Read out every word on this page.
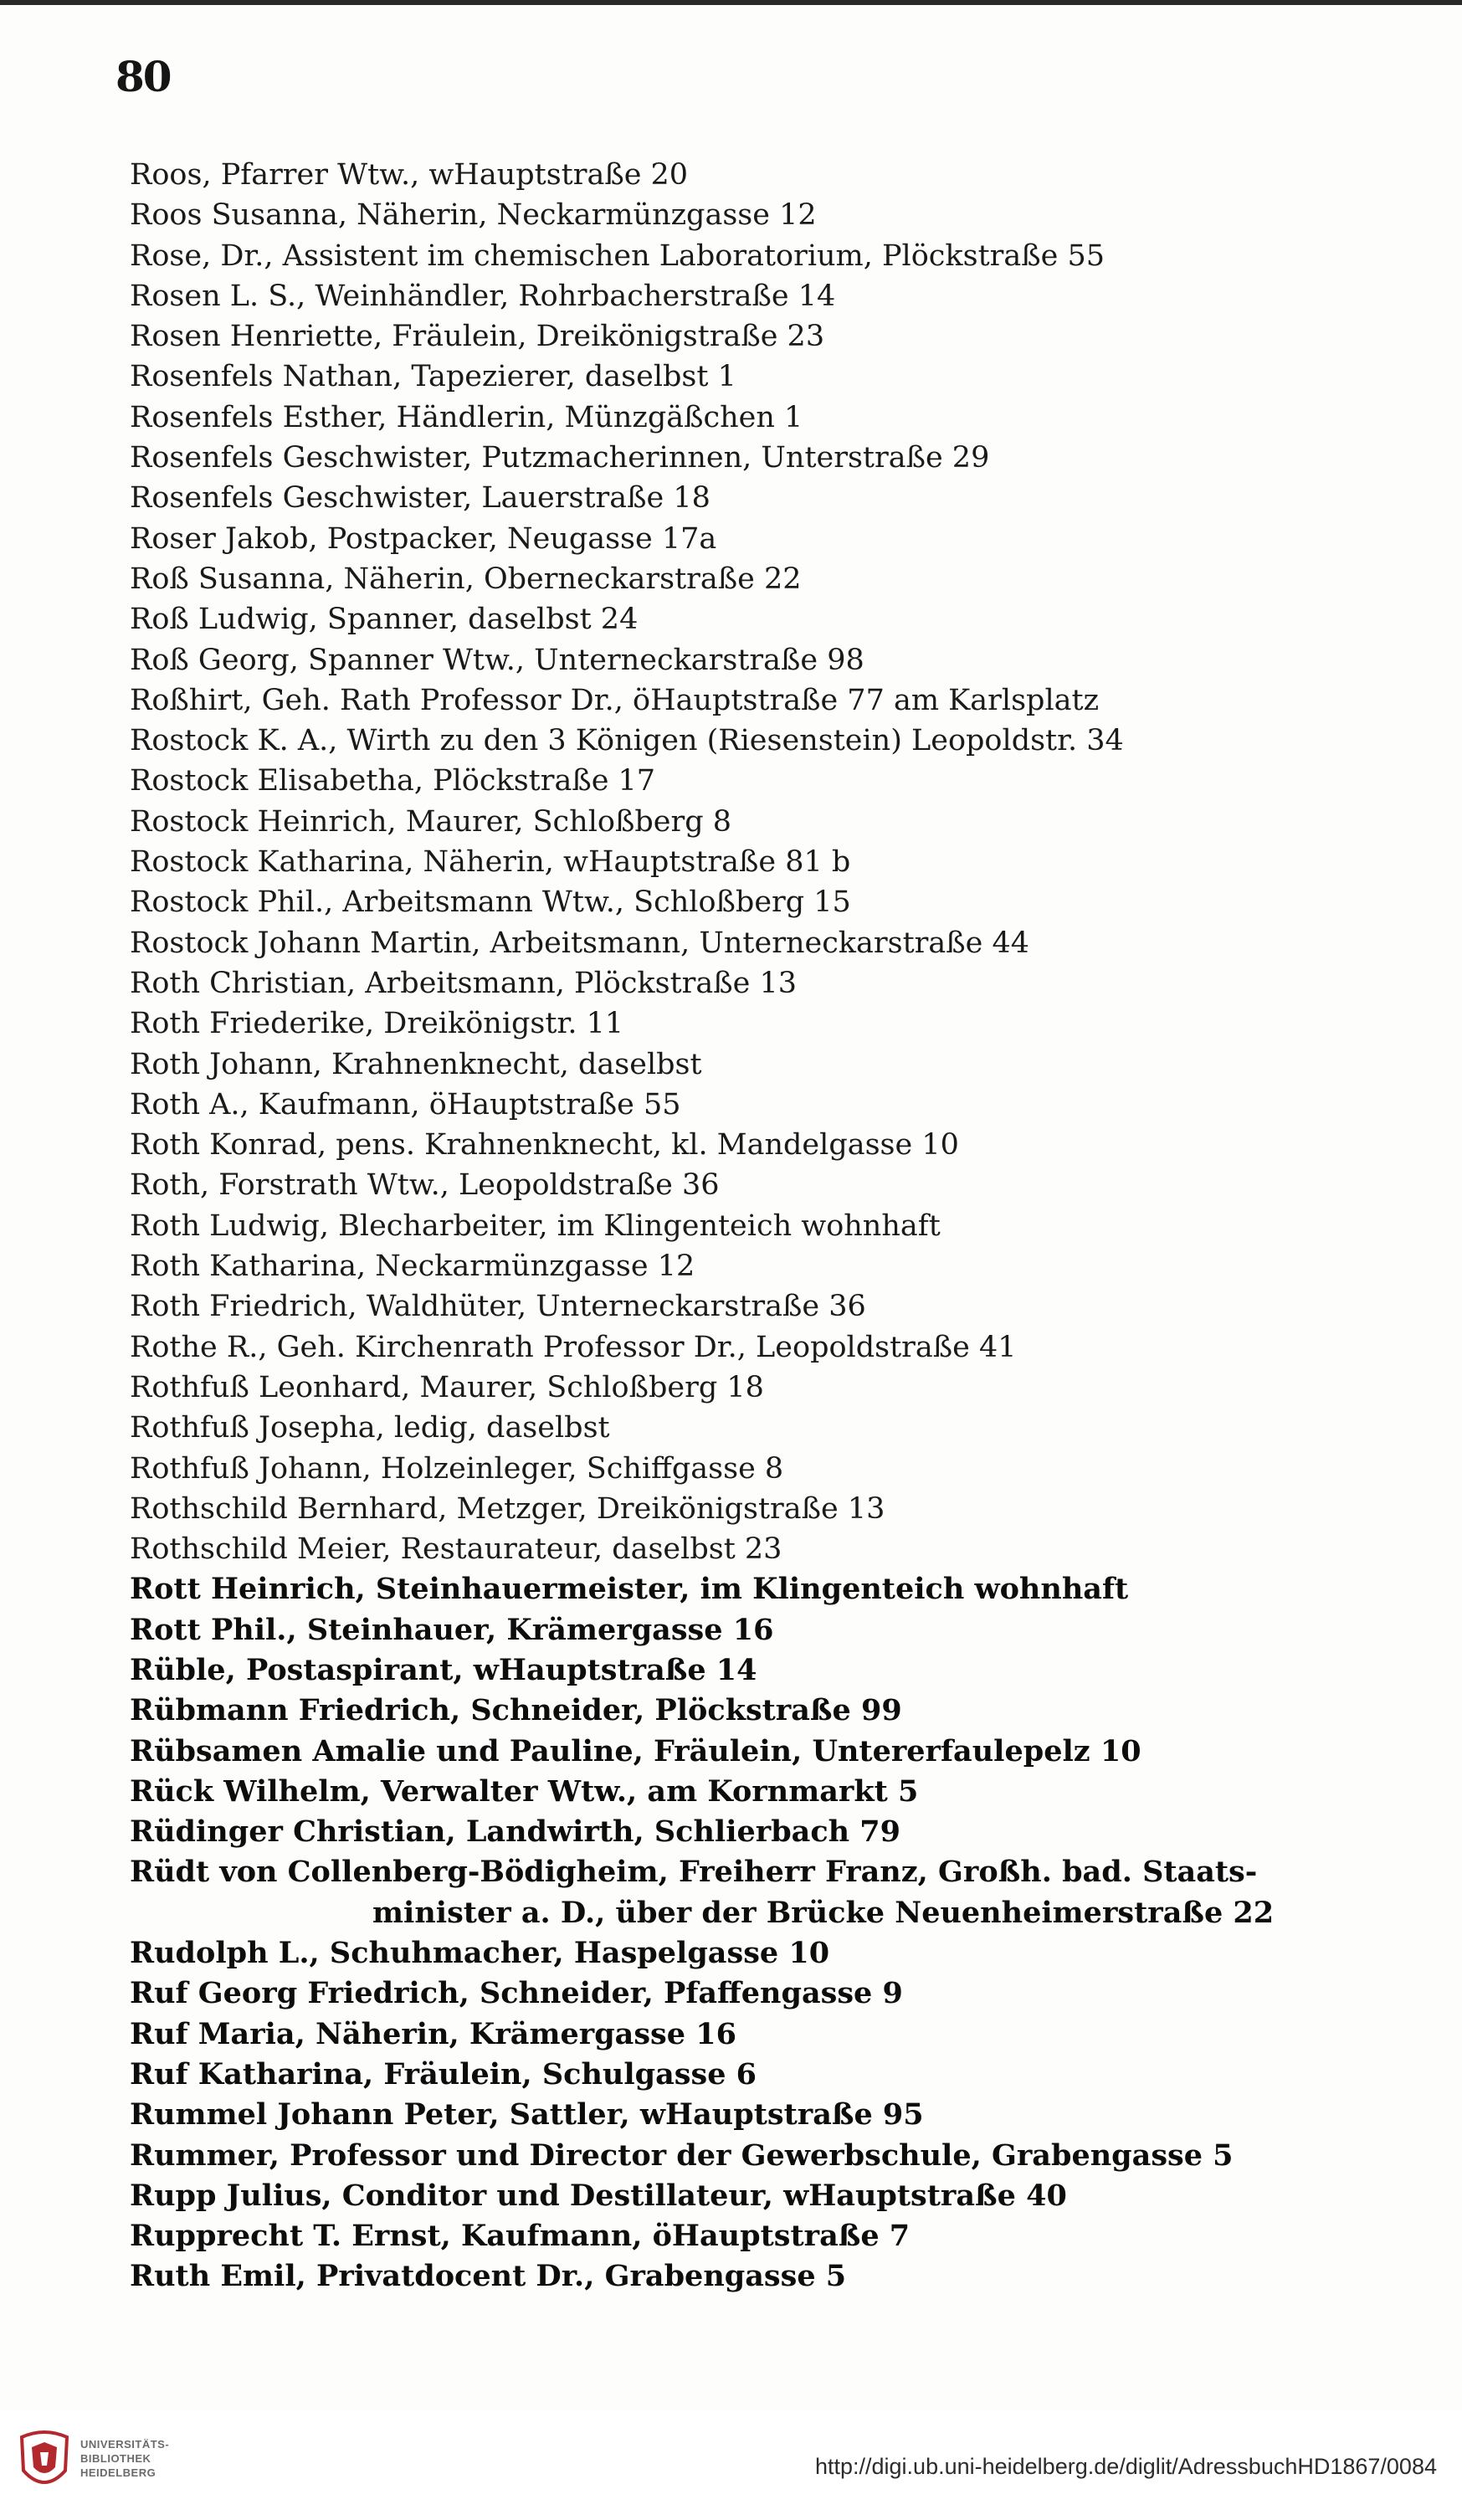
80
Roos, Pfarrer Wtw., wHauptstraße 20
Roos Susanna, Näherin, Neckarmünzgasse 12
Rose, Dr., Assistent im chemischen Laboratorium, Plöckstraße 55
Rosen L. S., Weinhändler, Rohrbacherstraße 14
Rosen Henriette, Fräulein, Dreikönigstraße 23
Rosenfels Nathan, Tapezierer, daselbst 1
Rosenfels Esther, Händlerin, Münzgäßchen 1
Rosenfels Geschwister, Putzmacherinnen, Unterstraße 29
Rosenfels Geschwister, Lauerstraße 18
Roser Jakob, Postpacker, Neugasse 17a
Roß Susanna, Näherin, Oberneckarstraße 22
Roß Ludwig, Spanner, daselbst 24
Roß Georg, Spanner Wtw., Unterneckarstraße 98
Roßhirt, Geh. Rath Professor Dr., öHauptstraße 77 am Karlsplatz
Rostock K. A., Wirth zu den 3 Königen (Riesenstein) Leopoldstr. 34
Rostock Elisabetha, Plöckstraße 17
Rostock Heinrich, Maurer, Schloßberg 8
Rostock Katharina, Näherin, wHauptstraße 81 b
Rostock Phil., Arbeitsmann Wtw., Schloßberg 15
Rostock Johann Martin, Arbeitsmann, Unterneckarstraße 44
Roth Christian, Arbeitsmann, Plöckstraße 13
Roth Friederike, Dreikönigstr. 11
Roth Johann, Krahnenknecht, daselbst
Roth A., Kaufmann, öHauptstraße 55
Roth Konrad, pens. Krahnenknecht, kl. Mandelgasse 10
Roth, Forstrath Wtw., Leopoldstraße 36
Roth Ludwig, Blecharbeiter, im Klingenteich wohnhaft
Roth Katharina, Neckarmünzgasse 12
Roth Friedrich, Waldhüter, Unterneckarstraße 36
Rothe R., Geh. Kirchenrath Professor Dr., Leopoldstraße 41
Rothfuß Leonhard, Maurer, Schloßberg 18
Rothfuß Josepha, ledig, daselbst
Rothfuß Johann, Holzeinleger, Schiffgasse 8
Rothschild Bernhard, Metzger, Dreikönigstraße 13
Rothschild Meier, Restaurateur, daselbst 23
Rott Heinrich, Steinhauermeister, im Klingenteich wohnhaft
Rott Phil., Steinhauer, Krämergasse 16
Rüble, Postaspirant, wHauptstraße 14
Rübmann Friedrich, Schneider, Plöckstraße 99
Rübsamen Amalie und Pauline, Fräulein, Untererfaulepelz 10
Rück Wilhelm, Verwalter Wtw., am Kornmarkt 5
Rüdinger Christian, Landwirth, Schlierbach 79
Rüdt von Collenberg-Bödigheim, Freiherr Franz, Großh. bad. Staats-
minister a. D., über der Brücke Neuenheimerstraße 22
Rudolph L., Schuhmacher, Haspelgasse 10
Ruf Georg Friedrich, Schneider, Pfaffengasse 9
Ruf Maria, Näherin, Krämergasse 16
Ruf Katharina, Fräulein, Schulgasse 6
Rummel Johann Peter, Sattler, wHauptstraße 95
Rummer, Professor und Director der Gewerbschule, Grabengasse 5
Rupp Julius, Conditor und Destillateur, wHauptstraße 40
Rupprecht T. Ernst, Kaufmann, öHauptstraße 7
Ruth Emil, Privatdocent Dr., Grabengasse 5
UNIVERSITÄTS-
BIBLIOTHEK
HEIDELBERG	http://digi.ub.uni-heidelberg.de/diglit/AdressbuchHD1867/0084
